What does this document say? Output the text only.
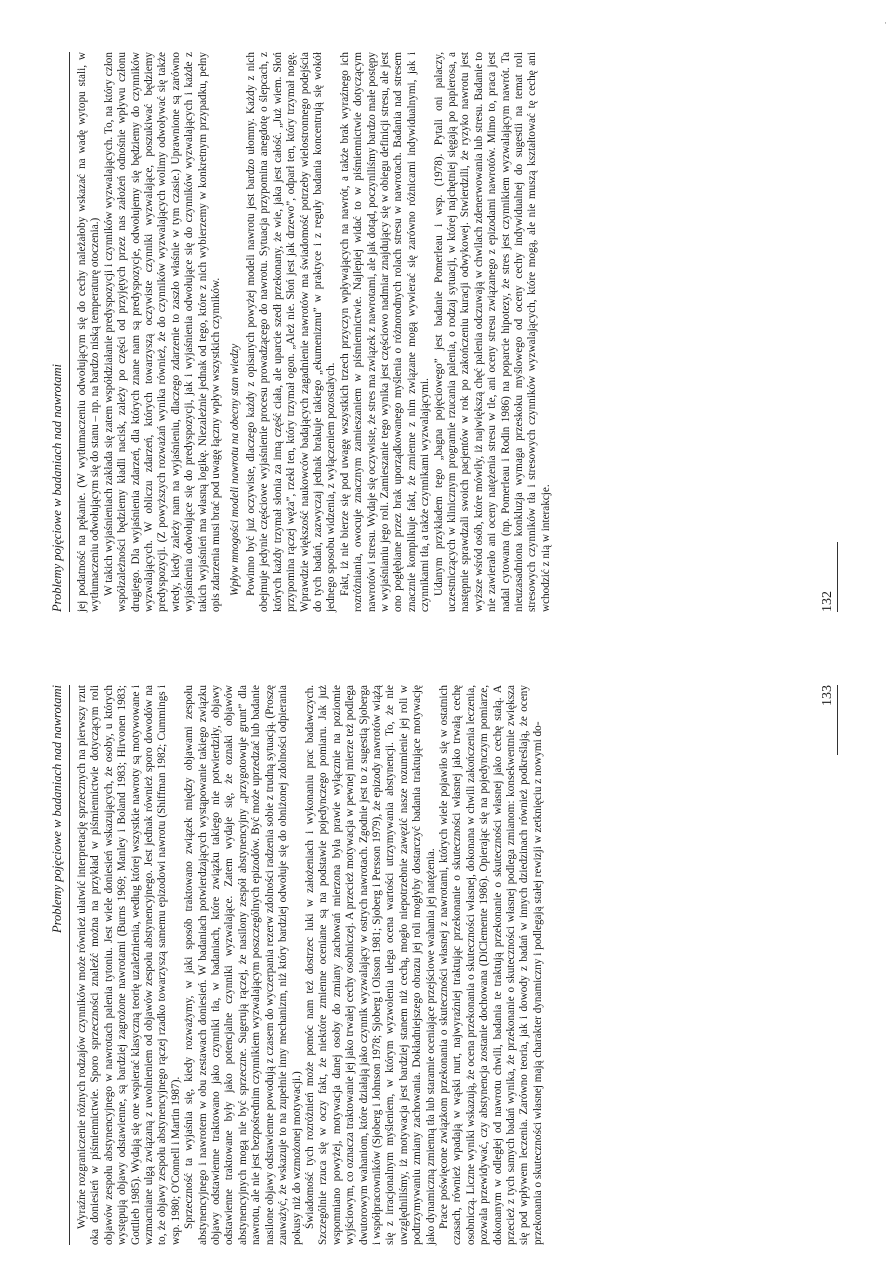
·
Problemy pojęciowe w badaniach nad nawrotami	jej podatność na pękanie. (W wytłumaczeniu odwołującym się do cechy należałoby wskazać na wadę wytopu stali, w wytłumaczeniu odwołującym się do stanu – np. na bardzo niską temperaturę otoczenia.) W takich wyjaśnieniach zakłada się zatem współdziałanie predyspozycji i czynników wyzwalających. To, na który człon współzależności będziemy kładli nacisk, zależy po części od przyjętych przez nas założeń odnośnie wpływu członu drugiego. Dla wyjaśnienia zdarzeń, dla których znane nam są predyspozycje, odwołujemy się będziemy do czynników wyzwalających. W obliczu zdarzeń, których towarzyszą oczywiste czynniki wyzwalające, poszukiwać będziemy predyspozycji. (Z powyższych rozważań wynika również, że do czynników wyzwalających wolimy odwoływać się także wtedy, kiedy zależy nam na wyjaśnieniu, dlaczego zdarzenie to zaszło właśnie w tym czasie.) Uprawnione są zarówno wyjaśnienia odwołujące się do predyspozycji, jak i wyjaśnienia odwołujące się do czynników wyzwalających i każde z takich wyjaśnień ma własną logikę. Niezależnie jednak od tego, które z nich wybierzemy w konkretnym przypadku, pełny opis zdarzenia musi brać pod uwagę łączny wpływ wszystkich czynników. Wpływ mnogości modeli nawrotu na obecny stan wiedzy Powinno być już oczywiste, dlaczego każdy z opisanych powyżej modeli nawrotu jest bardzo ułomny. Każdy z nich obejmuje jedynie częściowe wyjaśnienie procesu prowadzącego do nawrotu. Sytuacja przypomina anegdotę o ślepcach, z których każdy trzymał słonia za inną część ciała, ale uparcie szedł przekonany, że wie, jaka jest całość. „Już wiem. Słoń przypomina rączej węża”, rzekł ten, który trzymał ogon. „Ależ nie. Słoń jest jak drzewo”, odparł ten, który trzymał nogę. Wprawdzie większość naukowców badających zagadnienie nawrotów ma świadomość potrzeby wielostronnego podejścia do tych badań, zazwyczaj jednak brakuje takiego „ekumenizmu” w praktyce i z reguły badania koncentrują się wokół jednego sposobu widzenia, z wyłączeniem pozostałych. Fakt, iż nie bierze się pod uwagę wszystkich trzech przyczyn wpływających na nawrót, a także brak wyraźnego ich rozróżniania, owocuje znacznym zamieszaniem w piśmiennictwie. Najlepiej widać to w piśmiennictwie dotyczącym nawrotów i stresu. Wydaje się oczywiste, że stres ma związek z nawrotami, ale jak dotąd, poczyniliśmy bardzo małe postępy w wyjaśnianiu jego roli. Zamieszanie tego wynika jest częściowo nadmiar znajdujący się w obiegu definicji stresu, ale jest ono pogłębiane przez brak uporządkowanego myślenia o różnorodnych rolach stresu w nawrotach. Badania nad stresem znacznie komplikuje fakt, że zmienne z nim związane mogą wywierać się zarówno różnicami indywidualnymi, jak i czynnikami tła, a także czynnikami wyzwalającymi. Udanym przykładem tego „bagna pojęciowego” jest badanie Pomerleau i wsp. (1978). Pytali oni palaczy, uczestniczących w klinicznym programie rzucania palenia, o rodzaj sytuacji, w której najchętniej sięgają po papierosa, a następnie sprawdzali swoich pacjentów w rok po zakończeniu kuracji odwykowej. Stwierdzili, że ryzyko nawrotu jest wyższe wśród osób, które mówiły, iż największą chęć palenia odczuwają w chwilach zdenerwowania lub stresu. Badanie to nie zawierało ani oceny natężenia stresu w tle, ani oceny stresu związanego z epizodami nawrotów. Mimo to, praca jest nadal cytowana (np. Pomerleau i Rodin 1986) na poparcie hipotezy, że stres jest czynnikiem wyzwalającym nawrót. Ta nieuzasadniona konkluzja wymaga przeskoku myślowego od oceny cechy indywidualnej do sugestii na temat roli stresowych czynników tła i stresowych czynników wyzwalających, które mogą, ale nie muszą kształtować tę cechę ani wchodzić z nią w interakcje.	132
Problemy pojęciowe w badaniach nad nawrotami	Wyraźne rozgraniczenie różnych rodzajów czynników może również ułatwić interpretację sprzecznych na pierwszy rzut oka doniesień w piśmiennictwie. Sporo sprzeczności znaleźć można na przykład w piśmiennictwie dotyczącym roli objawów zespołu abstynencyjnego w nawrotach palenia tytoniu. Jest wiele doniesień wskazujących, że osoby, u których występują objawy odstawienne, są bardziej zagrożone nawrotami (Burns 1969; Manley i Boland 1983; Hirvonen 1983; Gottlieb 1985). Wydają się one wspierać klasyczną teorię uzależnienia, według której wszystkie nawroty są motywowane i wzmacniane ulgą związaną z uwolnieniem od objawów zespołu abstynencyjnego. Jest jednak również sporo dowodów na to, że objawy zespołu abstynencyjnego rączej rzadko towarzyszą samemu epizodowi nawrotu (Shiffman 1982; Cummings i wsp. 1980; O'Connell i Martin 1987). Sprzeczność ta wyjaśnia się, kiedy rozważymy, w jaki sposób traktowano związek między objawami zespołu abstynencyjnego i nawrotem w obu zestawach doniesień. W badaniach potwierdzających wystąpowanie takiego związku objawy odstawienne traktowano jako czynniki tła, w badaniach, które związku takiego nie potwierdziły, objawy odstawienne traktowane były jako potencjalne czynniki wyzwalające. Zatem wydaje się, że oznaki objawów abstynencyjnych mogą nie być sprzeczne. Sugerują rączej, że nasilony zespół abstynencyjny „przygotowuje grunt” dla nawrotu, ale nie jest bezpośrednim czynnikiem wyzwalającym poszczególnych epizodów. Być może uprzedzać lub badanie nasilone objawy odstawienne powodują z czasem do wyczerpania rezerw zdolności radzenia sobie z trudną sytuacją. (Proszę zauważyć, że wskazuje to na zupełnie inny mechanizm, niż który bardziej odwołuje się do obniżonej zdolności odpierania pokusy niż do wzmożonej motywacji.) Świadomość tych rozróżnień może pomóc nam też dostrzec luki w założeniach i wykonaniu prac badawczych. Szczególnie rzuca się w oczy fakt, że niektóre zmienne oceniane są na podstawie pojedynczego pomiaru. Jak już wspomniano powyżej, motywacja danej osoby do zmiany zachowań mierzona była prawie wyłącznie na poziomie wyjściowym, co oznacza traktowanie jej jako trwałej cechy osobniczej. A przecież motywacja w pewnej mierze też podlega dwutorowym wahaniom, które działają jako czynnik wyzwalający w ostrych nawrotach. Zgodnie jest to z sugestią Sjoberga i współpracowników (Sjoberg i Johnson 1978; Sjoberg i Olsson 1981; Sjoberg i Persson 1979), że epizody nawrotów wiążą się z irracjonalnym myśleniem, w którym wyzwolenia ulega ocena wartości utrzymywania abstynencji. To, że nie uwzględniliśmy, iż motywacja jest bardziej stanem niż cechą, mogło niepotrzebnie zawęzić nasze rozumienie jej roli w podtrzymywaniu zmiany zachowania. Dokładniejszego obrazu jej roli mogłyby dostarczyć badania traktujące motywację jako dynamiczną zmienną tła lub staramie oceniające przejściowe wahania jej natężenia. Prace poświęcone związkom przekonania o skuteczności własnej z nawrotami, których wiele pojawiło się w ostatnich czasach, również wpadają w wąski nurt, najwyraźniej traktując przekonanie o skuteczności własnej jako trwałą cechę osobniczą. Liczne wyniki wskazują, że ocena przekonania o skuteczności własnej, dokonana w chwili zakończenia leczenia, pozwala przewidywać, czy abstynencja zostanie dochowana (DiClemente 1986). Opierając się na pojedynczym pomiarze, dokonanym w odległej od nawrotu chwili, badania te traktują przekonanie o skuteczności własnej jako cechę stałą. A przecież z tych samych badań wynika, że przekonanie o skuteczności własnej podlega zmianom: konsekwentnie zwiększa się pod wpływem leczenia. Zarówno teoria, jak i dowody z badań w innych dziedzinach również podkreślają, że oceny przekonania o skuteczności własnej mają charakter dynamiczny i podlegają stałej rewizji w zetknięciu z nowymi do-

133
